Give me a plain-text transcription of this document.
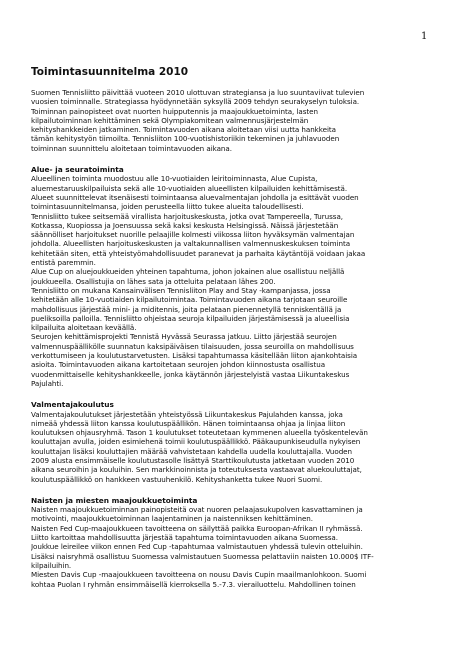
1
Toimintasuunnitelma 2010
Suomen Tennisliitto päivittää vuoteen 2010 ulottuvan strategiansa ja luo suuntaviivat tulevien
vuosien toiminnalle. Strategiassa hyödynnetään syksyllä 2009 tehdyn seurakyselyn tuloksia.
Toiminnan painopisteet ovat nuorten huipputennis ja maajoukkuetoiminta, lasten
kilpailutoiminnan kehittäminen sekä Olympiakomitean valmennusjärjestelmän
kehityshankkeiden jatkaminen. Toimintavuoden aikana aloitetaan viisi uutta hankkeita
tämän kehitystyön tiimoilta. Tennisliiton 100-vuotishistoriikin tekeminen ja juhlavuoden
toiminnan suunnittelu aloitetaan toimintavuoden aikana.
Alue- ja seuratoiminta
Alueellinen toiminta muodostuu alle 10-vuotiaiden leiritoiminnasta, Alue Cupista,
aluemestaruuskilpailuista sekä alle 10-vuotiaiden alueellisten kilpailuiden kehittämisestä.
Alueet suunnittelevat itsenäisesti toimintaansa aluevalmentajan johdolla ja esittävät vuoden
toimintasuunnitelmansa, joiden perusteella liitto tukee alueita taloudellisesti.
Tennisliitto tukee seitsemää virallista harjoituskeskusta, jotka ovat Tampereella, Turussa,
Kotkassa, Kuopiossa ja Joensuussa sekä kaksi keskusta Helsingissä. Näissä järjestetään
säännölliset harjoitukset nuorille pelaajille kolmesti viikossa liiton hyväksymän valmentajan
johdolla. Alueellisten harjoituskeskusten ja valtakunnallisen valmennuskeskuksen toiminta
kehitetään siten, että yhteistyömahdollisuudet paranevat ja parhaita käytäntöjä voidaan jakaa
entistä paremmin.
Alue Cup on aluejoukkueiden yhteinen tapahtuma, johon jokainen alue osallistuu neljällä
joukkueella. Osallistujia on lähes sata ja otteluita pelataan lähes 200.
Tennisliitto on mukana Kansainvälisen Tennisliiton Play and Stay -kampanjassa, jossa
kehitetään alle 10-vuotiaiden kilpailutoimintaa. Toimintavuoden aikana tarjotaan seuroille
mahdollisuus järjestää mini- ja miditennis, joita pelataan pienennetyllä tenniskentällä ja
pueliksoilla palloilla. Tennisliitto ohjeistaa seuroja kilpailuiden järjestämisessä ja alueellisia
kilpailuita aloitetaan keväällä.
Seurojen kehittämisprojekti Tennistä Hyvässä Seurassa jatkuu. Liitto järjestää seurojen
valmennuspäällikölle suunnatun kaksipäiväisen tilaisuuden, jossa seuroilla on mahdollisuus
verkottumiseen ja koulutustarvetusten. Lisäksi tapahtumassa käsitellään liiton ajankohtaisia
asioita. Toimintavuoden aikana kartoitetaan seurojen johdon kiinnostusta osallistua
vuodenmittaiselle kehityshankkeelle, jonka käytännön järjestelyistä vastaa Liikuntakeskus
Pajulahti.
Valmentajakoulutus
Valmentajakoulutukset järjestetään yhteistyössä Liikuntakeskus Pajulahden kanssa, joka
nimeää yhdessä liiton kanssa koulutuspäällikön. Hänen toimintaansa ohjaa ja linjaa liiton
koulutuksen ohjausryhmä. Tason 1 koulutukset toteutetaan kymmenen alueella työskentelevän
kouluttajan avulla, joiden esimiehenä toimii koulutuspäällikkö. Pääkaupunkiseudulla nykyisen
kouluttajan lisäksi kouluttajien määrää vahvistetaan kahdella uudella kouluttajalla. Vuoden
2009 alusta ensimmäiselle koulutustasolle lisättyä Starttikoulutusta jatketaan vuoden 2010
aikana seuroihin ja kouluihin. Sen markkinoinnista ja toteutuksesta vastaavat aluekouluttajat,
koulutuspäällikkö on hankkeen vastuuhenkilö. Kehityshanketta tukee Nuori Suomi.
Naisten ja miesten maajoukkuetoiminta
Naisten maajoukkuetoiminnan painopisteitä ovat nuoren pelaajasukupolven kasvattaminen ja
motivointi, maajoukkuetoiminnan laajentaminen ja naistenniksen kehittäminen.
Naisten Fed Cup-maajoukkueen tavoitteena on säilyttää paikka Euroopan-Afrikan II ryhmässä.
Liitto kartoittaa mahdollisuutta järjestää tapahtuma toimintavuoden aikana Suomessa.
Joukkue leireilee viikon ennen Fed Cup -tapahtumaa valmistautuen yhdessä tulevin otteluihin.
Lisäksi naisryhmä osallistuu Suomessa valmistautuen Suomessa pelattaviin naisten 10.000$ ITF-
kilpailuihin.
Miesten Davis Cup -maajoukkueen tavoitteena on nousu Davis Cupin maailmanlohkoon. Suomi
kohtaa Puolan I ryhmän ensimmäisellä kierroksella 5.-7.3. vierailuottelu. Mahdollinen toinen
